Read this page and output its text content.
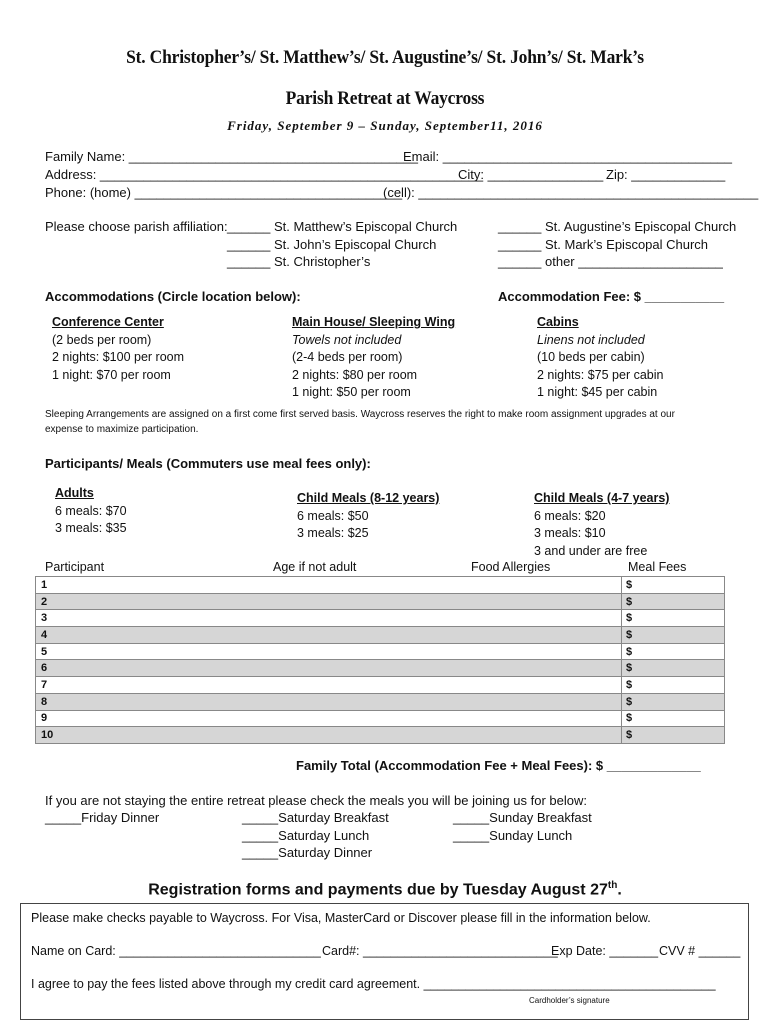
St. Christopher’s/ St. Matthew’s/ St. Augustine’s/ St. John’s/ St. Mark’s
Parish Retreat at Waycross
Friday, September 9 – Sunday, September11, 2016
Family Name: ________________________________________
Email: ________________________________________
Address: _____________________________________________________
City: ________________ Zip: _____________
Phone: (home) _____________________________________
(cell): _______________________________________________
Please choose parish affiliation: ______ St. Matthew’s Episcopal Church
______ St. John’s Episcopal Church
______ St. Christopher’s
______ St. Augustine’s Episcopal Church
______ St. Mark’s Episcopal Church
______ other ____________________
Accommodations (Circle location below):	Accommodation Fee: $ ___________
Conference Center
(2 beds per room)
2 nights: $100 per room
1 night: $70 per room
Main House/ Sleeping Wing
Towels not included
(2-4 beds per room)
2 nights: $80 per room
1 night: $50 per room
Cabins
Linens not included
(10 beds per cabin)
2 nights: $75 per cabin
1 night: $45 per cabin
Sleeping Arrangements are assigned on a first come first served basis. Waycross reserves the right to make room assignment upgrades at our
expense to maximize participation.
Participants/ Meals (Commuters use meal fees only):
Adults
6 meals: $70
3 meals: $35
Child Meals (8-12 years)
6 meals: $50
3 meals: $25
Child Meals (4-7 years)
6 meals: $20
3 meals: $10
3 and under are free
Participant	Age if not adult	Food Allergies	Meal Fees
1	$
2	$
3	$
4	$
5	$
6	$
7	$
8	$
9	$
10	$
Family Total (Accommodation Fee + Meal Fees): $ _____________
If you are not staying the entire retreat please check the meals you will be joining us for below:
_____Friday Dinner	_____Saturday Breakfast
_____Saturday Lunch
_____Saturday Dinner
_____Sunday Breakfast
_____Sunday Lunch
Registration forms and payments due by Tuesday August 27th.
Please make checks payable to Waycross. For Visa, MasterCard or Discover please fill in the information below.
Name on Card: _____________________________ Card#: ____________________________
Exp Date: _______ CVV # ______
I agree to pay the fees listed above through my credit card agreement. __________________________________________
Cardholder’s signature
